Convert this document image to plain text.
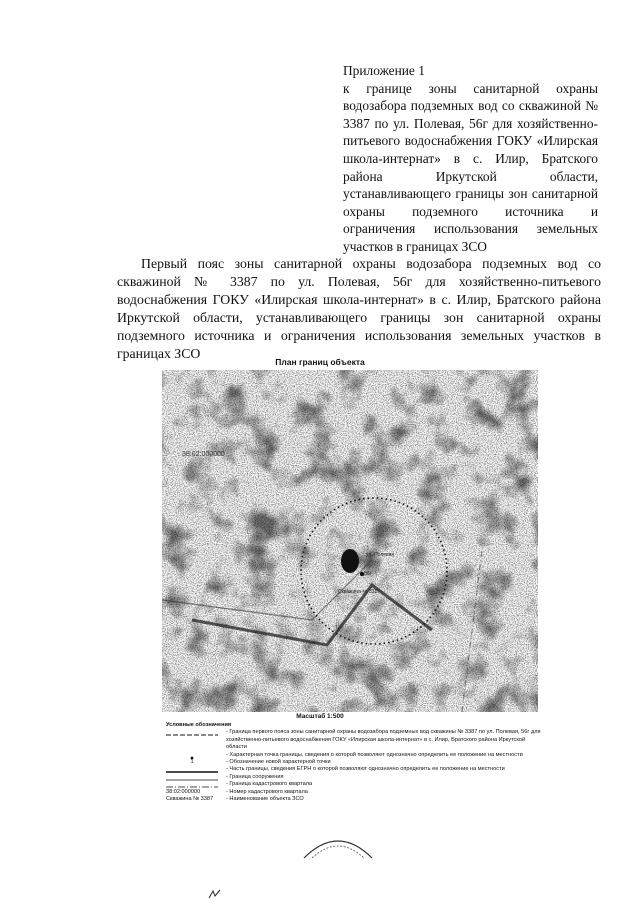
Приложение 1
к границе зоны санитарной охраны водозабора подземных вод со скважиной № 3387 по ул. Полевая, 56г для хозяйственно-питьевого водоснабжения ГОКУ «Илирская школа-интернат» в с. Илир, Братского района Иркутской области, устанавливающего границы зон санитарной охраны подземного источника и ограничения использования земельных участков в границах ЗСО
Первый пояс зоны санитарной охраны водозабора подземных вод со скважиной № 3387 по ул. Полевая, 56г для хозяйственно-питьевого водоснабжения ГОКУ «Илирская школа-интернат» в с. Илир, Братского района Иркутской области, устанавливающего границы зон санитарной охраны подземного источника и ограничения использования земельных участков в границах ЗСО
План границ объекта
38:02:000000
ул. Полевая
56г
Скважина № 3387
Масштаб 1:500
Условные обозначения
- Граница первого пояса зоны санитарной охраны водозабора подземных вод скважины № 3387 по ул. Полевая, 56г для хозяйственно-питьевого водоснабжения ГОКУ «Илирская школа-интернат» в с. Илир, Братского района Иркутской области
- Характерная точка границы, сведения о которой позволяют однозначно определить ее положение на местности
1	- Обозначение новой характерной точки
- Часть границы, сведения ЕГРН о которой позволяют однозначно определить ее положение на местности
- Граница сооружения
- Граница кадастрового квартала
38:02:000000	- Номер кадастрового квартала
Скважина № 3387	- Наименование объекта ЗСО
